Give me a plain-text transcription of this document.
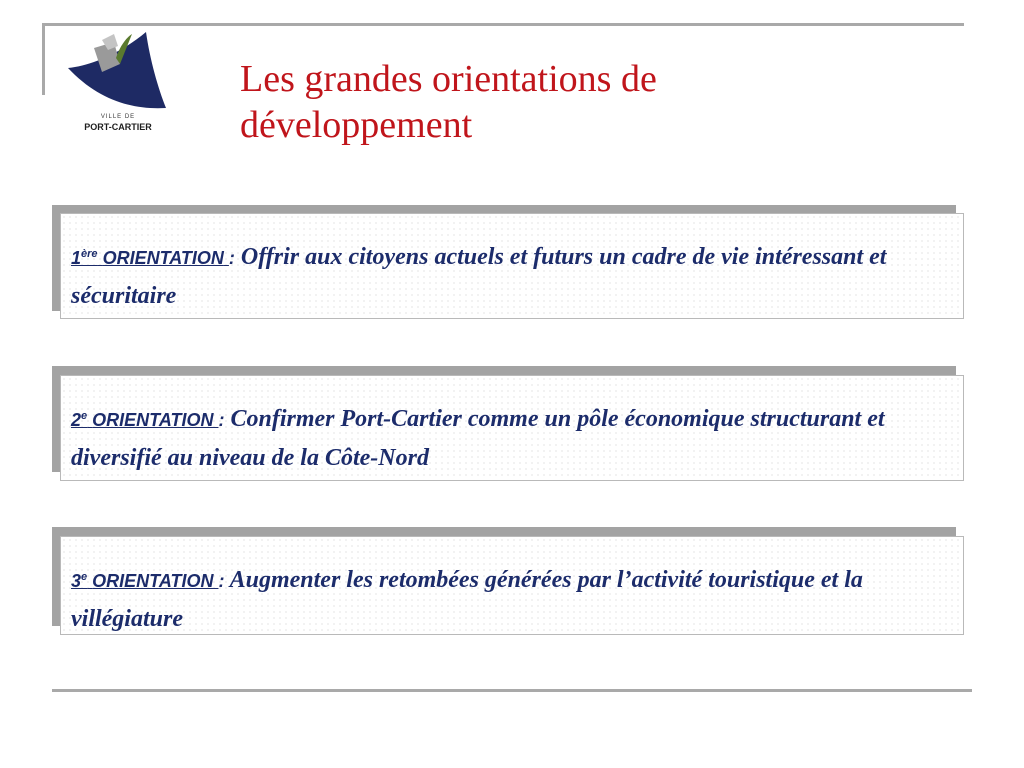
VILLE DE
PORT-CARTIER
Les grandes orientations de
développement

1ère ORIENTATION : Offrir aux citoyens actuels et futurs un cadre de vie intéressant et sécuritaire

2e ORIENTATION : Confirmer Port-Cartier comme un pôle économique structurant et diversifié au niveau de la Côte-Nord

3e ORIENTATION : Augmenter les retombées générées par l’activité touristique et la villégiature
